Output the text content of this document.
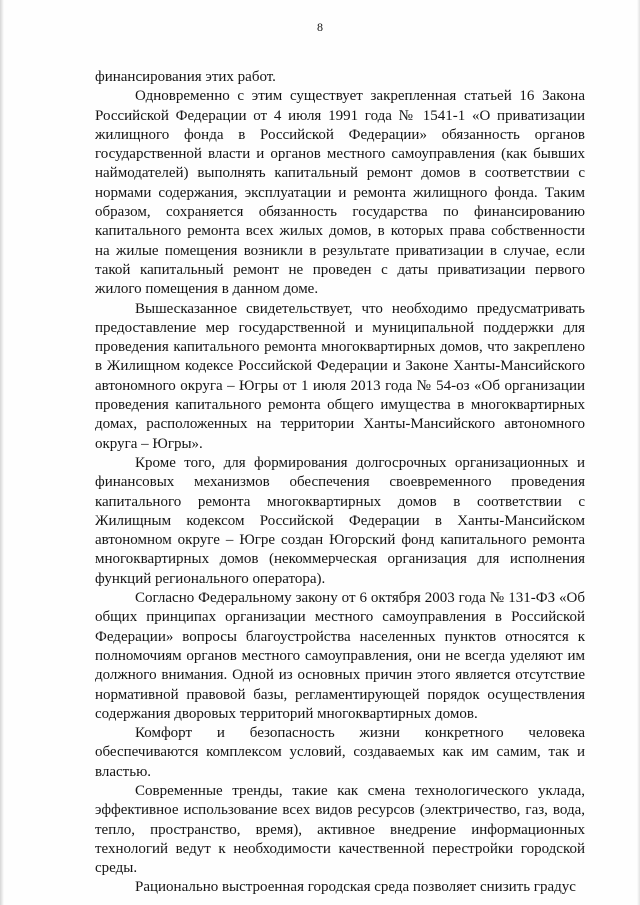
8

финансирования этих работ.

Одновременно с этим существует закрепленная статьей 16 Закона Российской Федерации от 4 июля 1991 года № 1541-1 «О приватизации жилищного фонда в Российской Федерации» обязанность органов государственной власти и органов местного самоуправления (как бывших наймодателей) выполнять капитальный ремонт домов в соответствии с нормами содержания, эксплуатации и ремонта жилищного фонда. Таким образом, сохраняется обязанность государства по финансированию капитального ремонта всех жилых домов, в которых права собственности на жилые помещения возникли в результате приватизации в случае, если такой капитальный ремонт не проведен с даты приватизации первого жилого помещения в данном доме.

Вышесказанное свидетельствует, что необходимо предусматривать предоставление мер государственной и муниципальной поддержки для проведения капитального ремонта многоквартирных домов, что закреплено в Жилищном кодексе Российской Федерации и Законе Ханты-Мансийского автономного округа – Югры от 1 июля 2013 года № 54-оз «Об организации проведения капитального ремонта общего имущества в многоквартирных домах, расположенных на территории Ханты-Мансийского автономного округа – Югры».

Кроме того, для формирования долгосрочных организационных и финансовых механизмов обеспечения своевременного проведения капитального ремонта многоквартирных домов в соответствии с Жилищным кодексом Российской Федерации в Ханты-Мансийском автономном округе – Югре создан Югорский фонд капитального ремонта многоквартирных домов (некоммерческая организация для исполнения функций регионального оператора).

Согласно Федеральному закону от 6 октября 2003 года № 131-ФЗ «Об общих принципах организации местного самоуправления в Российской Федерации» вопросы благоустройства населенных пунктов относятся к полномочиям органов местного самоуправления, они не всегда уделяют им должного внимания. Одной из основных причин этого является отсутствие нормативной правовой базы, регламентирующей порядок осуществления содержания дворовых территорий многоквартирных домов.

Комфорт и безопасность жизни конкретного человека обеспечиваются комплексом условий, создаваемых как им самим, так и властью.

Современные тренды, такие как смена технологического уклада, эффективное использование всех видов ресурсов (электричество, газ, вода, тепло, пространство, время), активное внедрение информационных технологий ведут к необходимости качественной перестройки городской среды.

Рационально выстроенная городская среда позволяет снизить градус
